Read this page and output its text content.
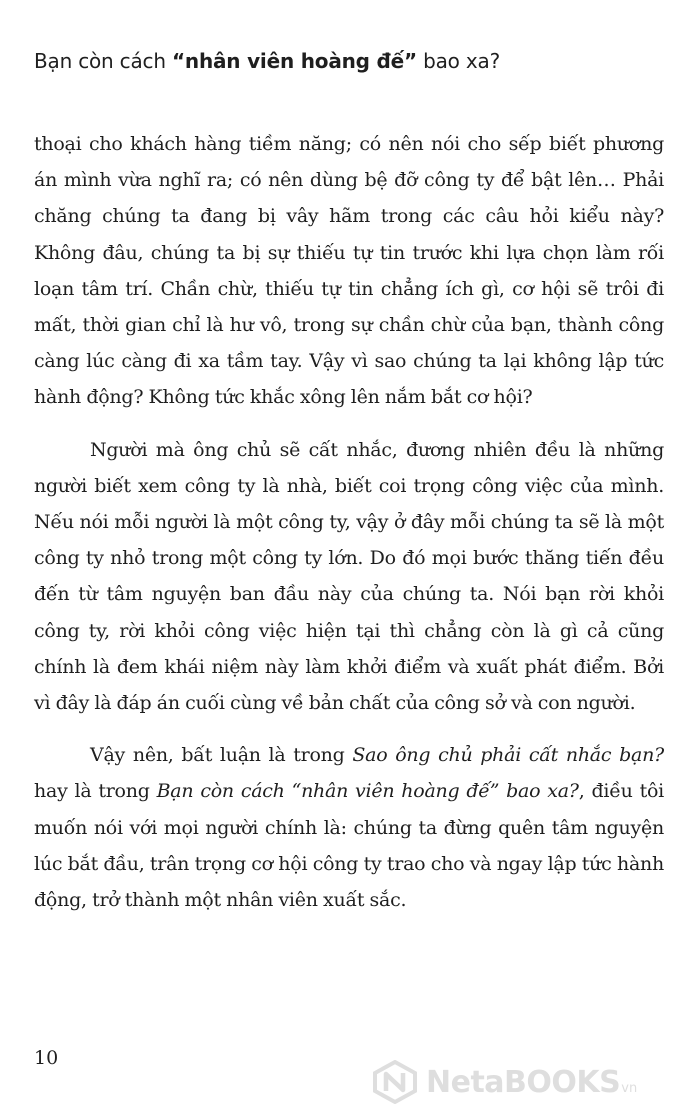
Bạn còn cách “nhân viên hoàng đế” bao xa?

thoại cho khách hàng tiềm năng; có nên nói cho sếp biết phương án mình vừa nghĩ ra; có nên dùng bệ đỡ công ty để bật lên… Phải chăng chúng ta đang bị vây hãm trong các câu hỏi kiểu này? Không đâu, chúng ta bị sự thiếu tự tin trước khi lựa chọn làm rối loạn tâm trí. Chần chừ, thiếu tự tin chẳng ích gì, cơ hội sẽ trôi đi mất, thời gian chỉ là hư vô, trong sự chần chừ của bạn, thành công càng lúc càng đi xa tầm tay. Vậy vì sao chúng ta lại không lập tức hành động? Không tức khắc xông lên nắm bắt cơ hội?

Người mà ông chủ sẽ cất nhắc, đương nhiên đều là những người biết xem công ty là nhà, biết coi trọng công việc của mình. Nếu nói mỗi người là một công ty, vậy ở đây mỗi chúng ta sẽ là một công ty nhỏ trong một công ty lớn. Do đó mọi bước thăng tiến đều đến từ tâm nguyện ban đầu này của chúng ta. Nói bạn rời khỏi công ty, rời khỏi công việc hiện tại thì chẳng còn là gì cả cũng chính là đem khái niệm này làm khởi điểm và xuất phát điểm. Bởi vì đây là đáp án cuối cùng về bản chất của công sở và con người.

Vậy nên, bất luận là trong Sao ông chủ phải cất nhắc bạn? hay là trong Bạn còn cách “nhân viên hoàng đế” bao xa?, điều tôi muốn nói với mọi người chính là: chúng ta đừng quên tâm nguyện lúc bắt đầu, trân trọng cơ hội công ty trao cho và ngay lập tức hành động, trở thành một nhân viên xuất sắc.

10
NetaBOOKS vn
